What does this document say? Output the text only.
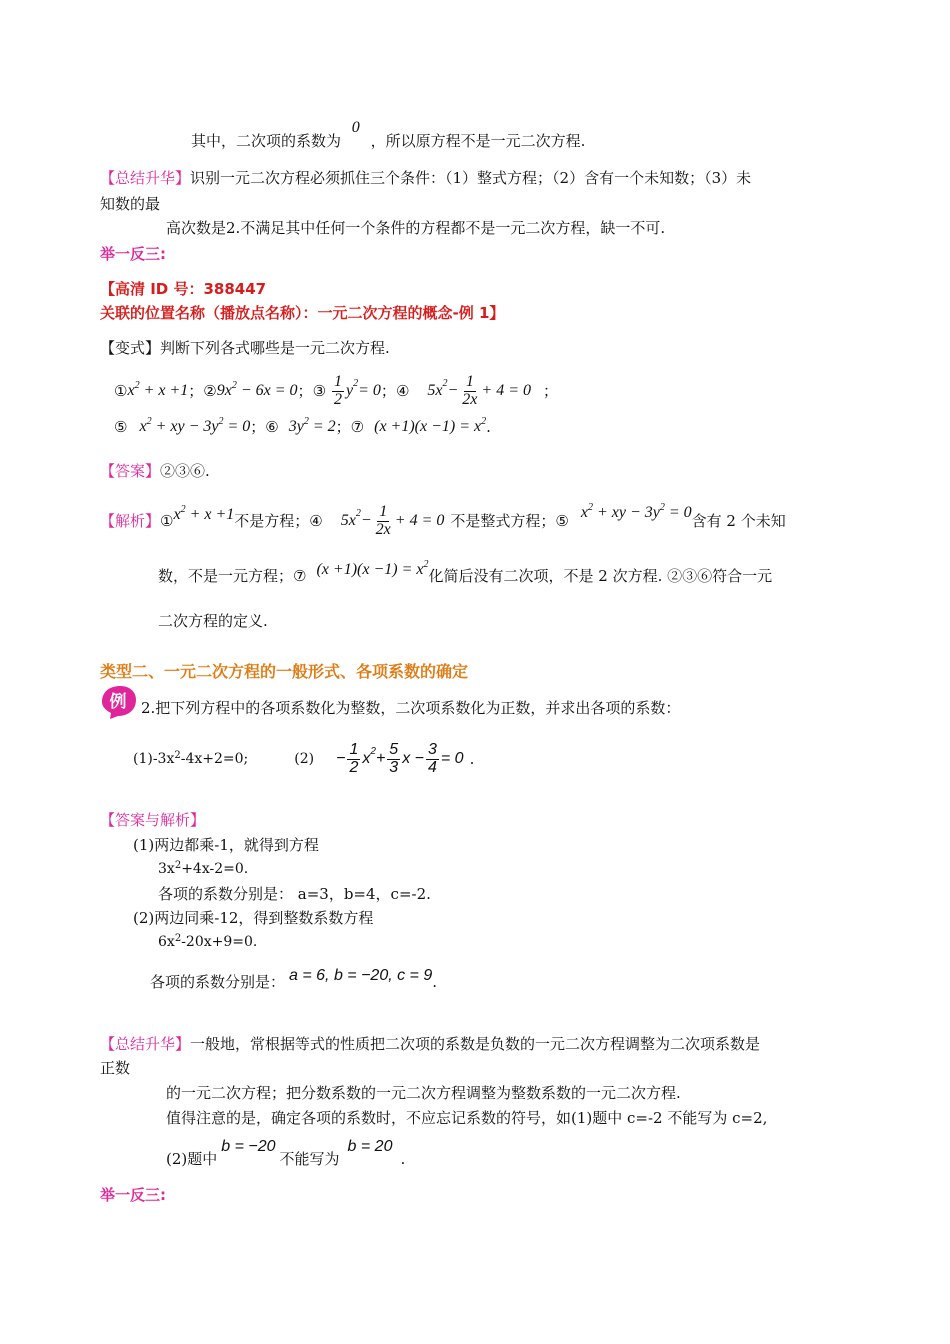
其中，二次项的系数为 0 ，所以原方程不是一元二次方程.
【总结升华】识别一元二次方程必须抓住三个条件：（1）整式方程；（2）含有一个未知数；（3）未
知数的最
高次数是2.不满足其中任何一个条件的方程都不是一元二次方程，缺一不可.
举一反三:
【高清 ID 号：388447
关联的位置名称（播放点名称）：一元二次方程的概念-例 1】
【变式】判断下列各式哪些是一元二次方程.
① $x^2 + x +1$ ； ② $9x^2 - 6x = 0$ ； ③ $\frac{1}{2}$ y 2 = 0 ； ④ 5x $2 - \frac{1}{2x} + 4 = 0$ ；
⑤ $x^2$ + xy − $3y^2 = 0$ ； ⑥ $3y^2 = 2$ ； ⑦ $(x +1)(x -1) = x^2$ .
【答案】②③⑥.
【解析】 ① $x^2 + x +1$ 不是方程； ④ 5x $2 - \frac{1}{2x} + 4 = 0$ 不是整式方程； ⑤ $x^2$ + xy − $3y^2 = 0$ 含有 2 个未知
数，不是一元方程； ⑦ $(x +1)(x -1) = x^2$
化简后没有二次项，不是 2 次方程. ②③⑥符合一元
二次方程的定义.
类型二、一元二次方程的一般形式、各项系数的确定
例 2.把下列方程中的各项系数化为整数，二次项系数化为正数，并求出各项的系数：
$(1)-3x^2-4x+2=0$;	$(2) - \frac{1}{2}$ x $2 + \frac{5}{3}$ $x - \frac{3}{4} = 0$ .
【答案与解析】
(1)两边都乘-1，就得到方程
$3x^2+4x-2=0$.
各项的系数分别是： a=3，b=4，c=-2.
(2)两边同乘-12，得到整数系数方程
$6x^2-20x+9=0$.
各项的系数分别是： a = 6, b = −20, c = 9 .
【总结升华】一般地，常根据等式的性质把二次项的系数是负数的一元二次方程调整为二次项系数是
正数
的一元二次方程；把分数系数的一元二次方程调整为整数系数的一元二次方程.
值得注意的是，确定各项的系数时，不应忘记系数的符号，如(1)题中 c=-2 不能写为 c=2,
(2)题中
b = −20
不能写为
b = 20
.
举一反三:
